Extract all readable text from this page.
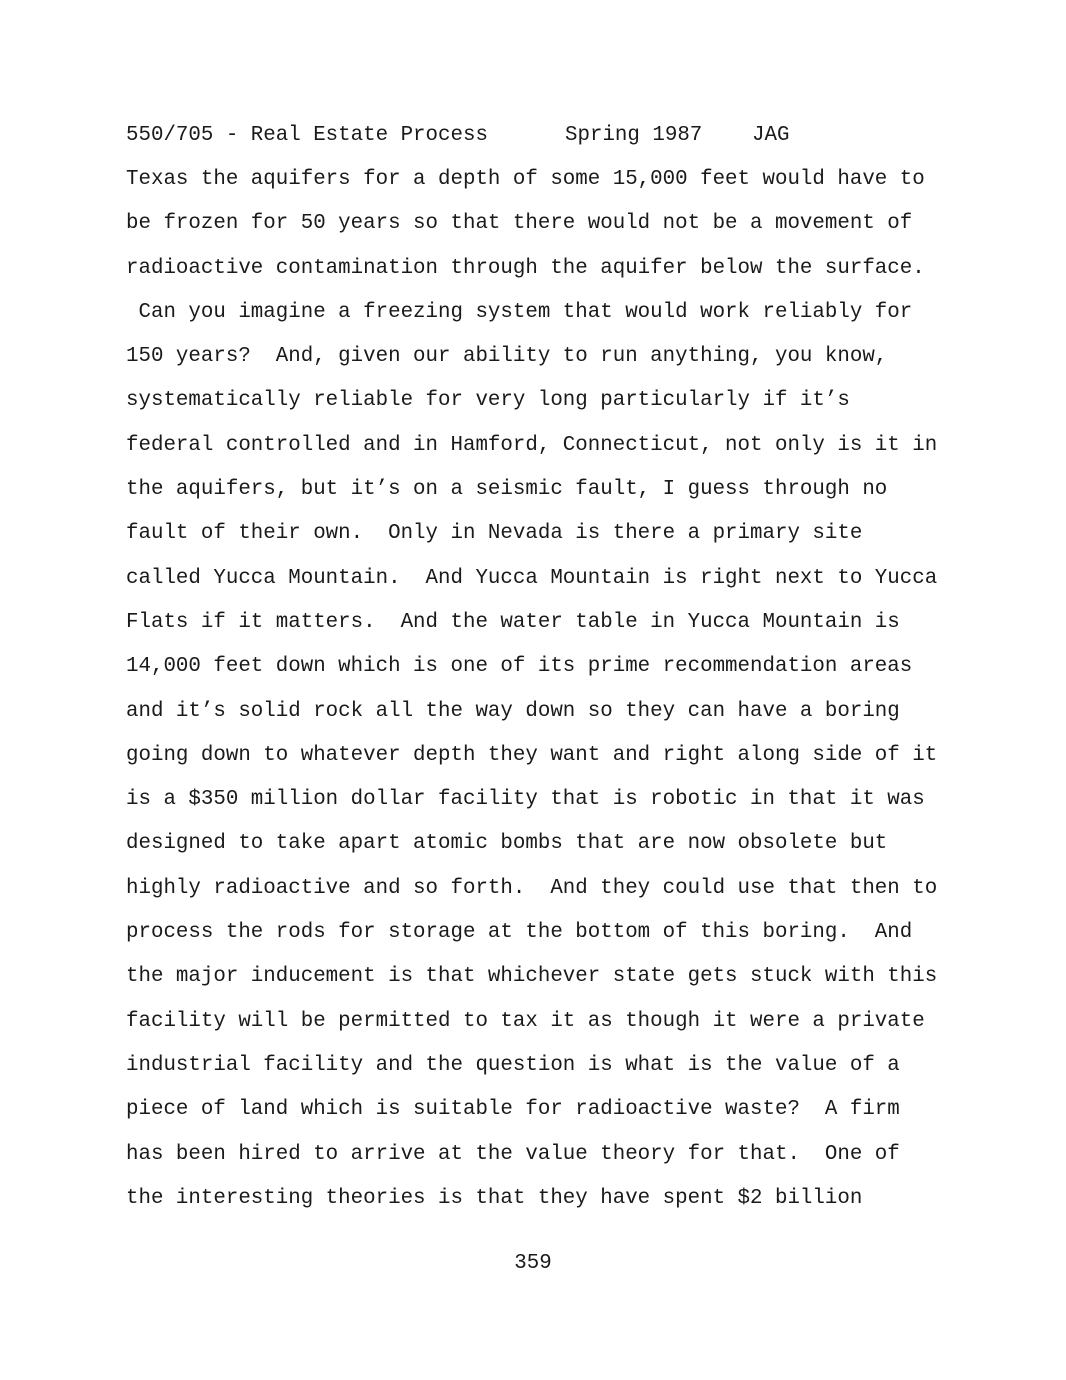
550/705 - Real Estate Process

	Spring 1987

JAG

Texas the aquifers for a depth of some 15,000 feet would have to
be frozen for 50 years so that there would not be a movement of
radioactive contamination through the aquifer below the surface.
Can you imagine a freezing system that would work reliably for
150 years?  And, given our ability to run anything, you know,
systematically reliable for very long particularly if it’s
federal controlled and in Hamford, Connecticut, not only is it in
the aquifers, but it’s on a seismic fault, I guess through no
fault of their own.  Only in Nevada is there a primary site
called Yucca Mountain.  And Yucca Mountain is right next to Yucca
Flats if it matters.  And the water table in Yucca Mountain is
14,000 feet down which is one of its prime recommendation areas
and it’s solid rock all the way down so they can have a boring
going down to whatever depth they want and right along side of it
is a $350 million dollar facility that is robotic in that it was
designed to take apart atomic bombs that are now obsolete but
highly radioactive and so forth.  And they could use that then to
process the rods for storage at the bottom of this boring.  And
the major inducement is that whichever state gets stuck with this
facility will be permitted to tax it as though it were a private
industrial facility and the question is what is the value of a
piece of land which is suitable for radioactive waste?  A firm
has been hired to arrive at the value theory for that.  One of
the interesting theories is that they have spent $2 billion
359
